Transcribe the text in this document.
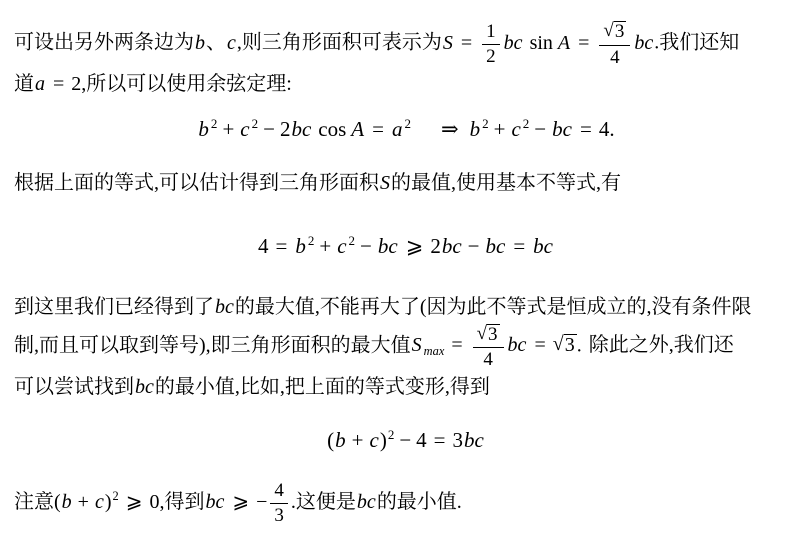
可设出另外两条边为b、c,则三角形面积可表示为$S = \frac{1}{2}$ bc $\sin A = \frac{√3}{4}$ bc.我们还知
道a = 2,所以可以使用余弦定理:
b $^2$ + c $^2$ − 2bc cos A = a $^2$ ⇒ b $^2$ + c $^2$ − bc = 4.
根据上面的等式,可以估计得到三角形面积S的最值,使用基本不等式,有
4 = b $^2$ + c $^2$ − bc ⩾ 2bc − bc = bc
到这里我们已经得到了bc的最大值,不能再大了(因为此不等式是恒成立的,没有条件限
制,而且可以取到等号),即三角形面积的最大值S $_{max} = \frac{√3}{4}$ bc = √3 . 除此之外,我们还
可以尝试找到bc的最小值,比如,把上面的等式变形,得到
$(b + c)^2 - 4 = 3bc$
注意$(b + c)^2$ ⩾ 0,得到bc ⩾ − $\frac{4}{3}$ .这便是bc的最小值.
